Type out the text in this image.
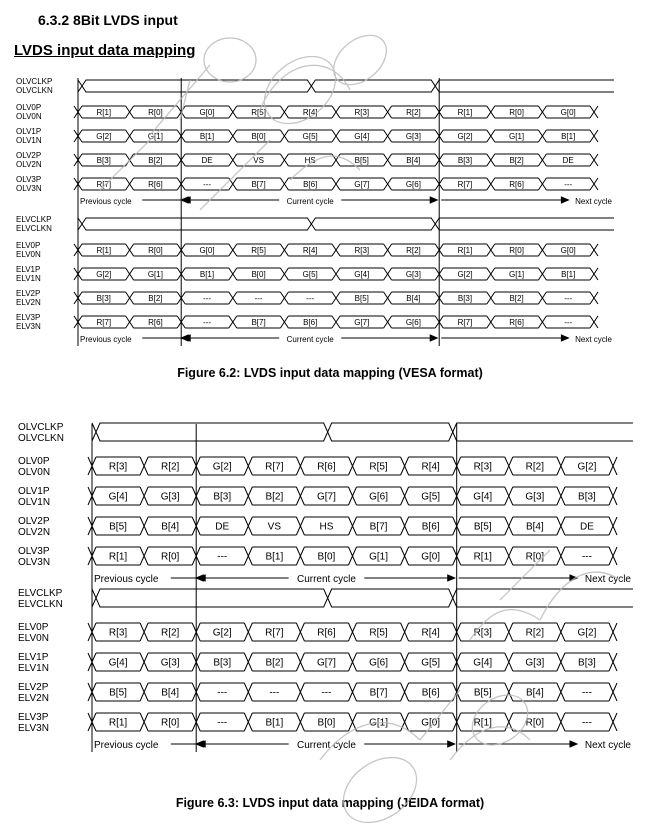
6.3.2 8Bit LVDS input
LVDS input data mapping
OLVCLKP
OLVCLKN
OLV0P
OLV0N	R[1]	R[0]	G[0]	R[5]	R[4]	R[3]	R[2]	R[1]	R[0]	G[0]
OLV1P
OLV1N	G[2]	G[1]	B[1]	B[0]	G[5]	G[4]	G[3]	G[2]	G[1]	B[1]
OLV2P
OLV2N	B[3]	B[2]	DE	VS	HS	B[5]	B[4]	B[3]	B[2]	DE
OLV3P
OLV3N	R[7]	R[6]	---	B[7]	B[6]	G[7]	G[6]	R[7]	R[6]	---
Previous cycle	Current cycle	Next cycle
ELVCLKP
ELVCLKN
ELV0P
ELV0N	R[1]	R[0]	G[0]	R[5]	R[4]	R[3]	R[2]	R[1]	R[0]	G[0]
ELV1P
ELV1N	G[2]	G[1]	B[1]	B[0]	G[5]	G[4]	G[3]	G[2]	G[1]	B[1]
ELV2P
ELV2N	B[3]	B[2]	---	---	---	B[5]	B[4]	B[3]	B[2]	---
ELV3P
ELV3N	R[7]	R[6]	---	B[7]	B[6]	G[7]	G[6]	R[7]	R[6]	---
Previous cycle	Current cycle	Next cycle

Figure 6.2: LVDS input data mapping (VESA format)

OLVCLKP
OLVCLKN
OLV0P
OLV0N	R[3]	R[2]	G[2]	R[7]	R[6]	R[5]	R[4]	R[3]	R[2]	G[2]
OLV1P
OLV1N	G[4]	G[3]	B[3]	B[2]	G[7]	G[6]	G[5]	G[4]	G[3]	B[3]
OLV2P
OLV2N	B[5]	B[4]	DE	VS	HS	B[7]	B[6]	B[5]	B[4]	DE
OLV3P
OLV3N	R[1]	R[0]	---	B[1]	B[0]	G[1]	G[0]	R[1]	R[0]	---
Previous cycle	Current cycle	Next cycle
ELVCLKP
ELVCLKN
ELV0P
ELV0N	R[3]	R[2]	G[2]	R[7]	R[6]	R[5]	R[4]	R[3]	R[2]	G[2]
ELV1P
ELV1N	G[4]	G[3]	B[3]	B[2]	G[7]	G[6]	G[5]	G[4]	G[3]	B[3]
ELV2P
ELV2N	B[5]	B[4]	---	---	---	B[7]	B[6]	B[5]	B[4]	---
ELV3P
ELV3N	R[1]	R[0]	---	B[1]	B[0]	G[1]	G[0]	R[1]	R[0]	---
Previous cycle	Current cycle	Next cycle

Figure 6.3: LVDS input data mapping (JEIDA format)
